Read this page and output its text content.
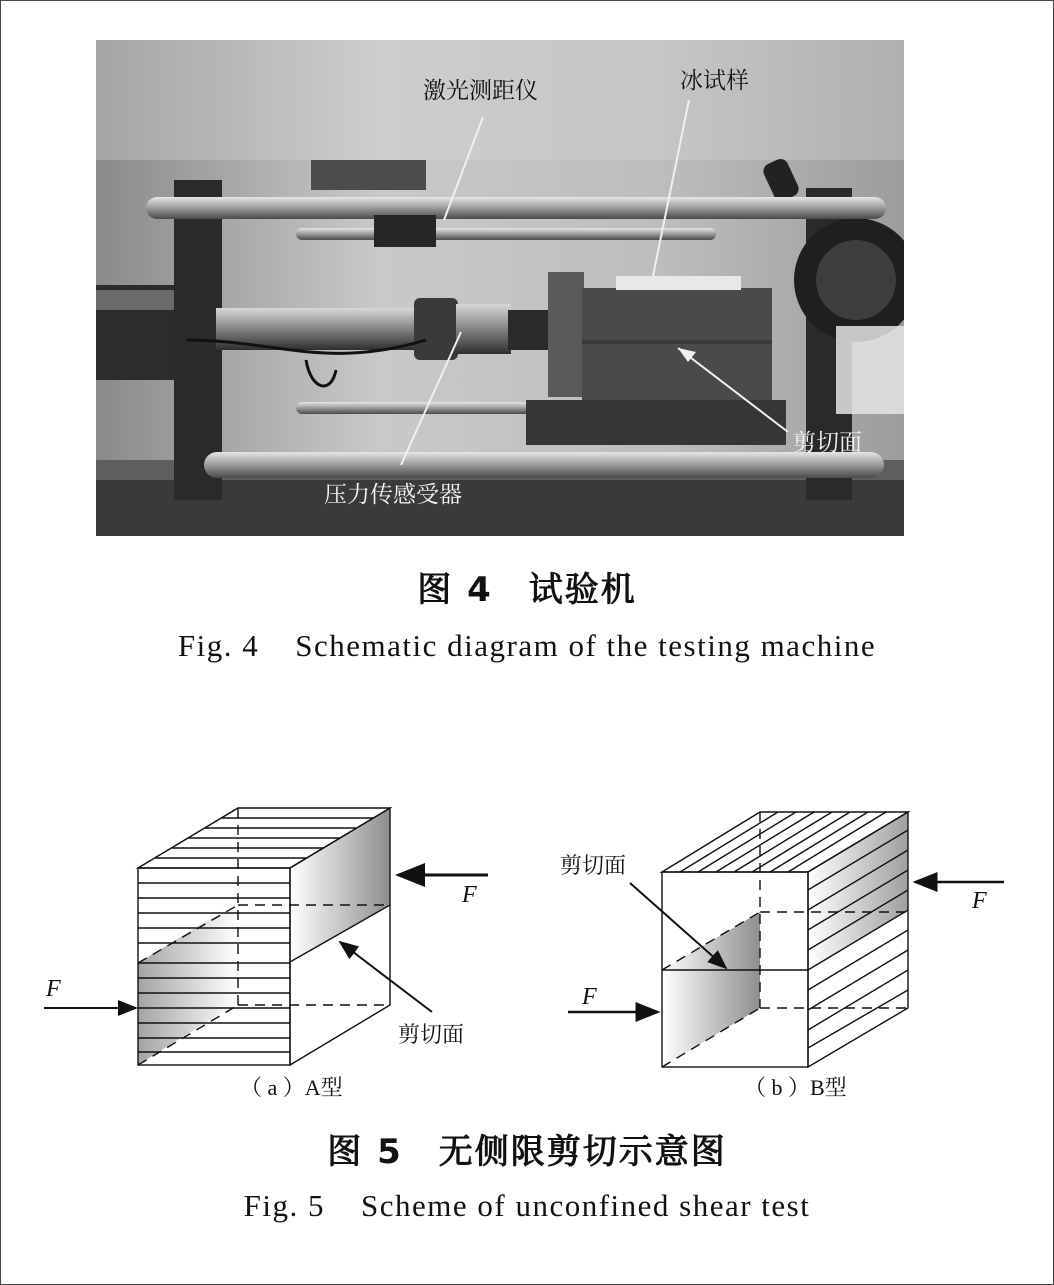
激光测距仪	冰试样
剪切面
压力传感受器
图 4 试验机
Fig. 4 Schematic diagram of the testing machine
F
F
剪切面
（ a ）A型
F
F
剪切面
（ b ）B型
图 5 无侧限剪切示意图
Fig. 5 Scheme of unconfined shear test
